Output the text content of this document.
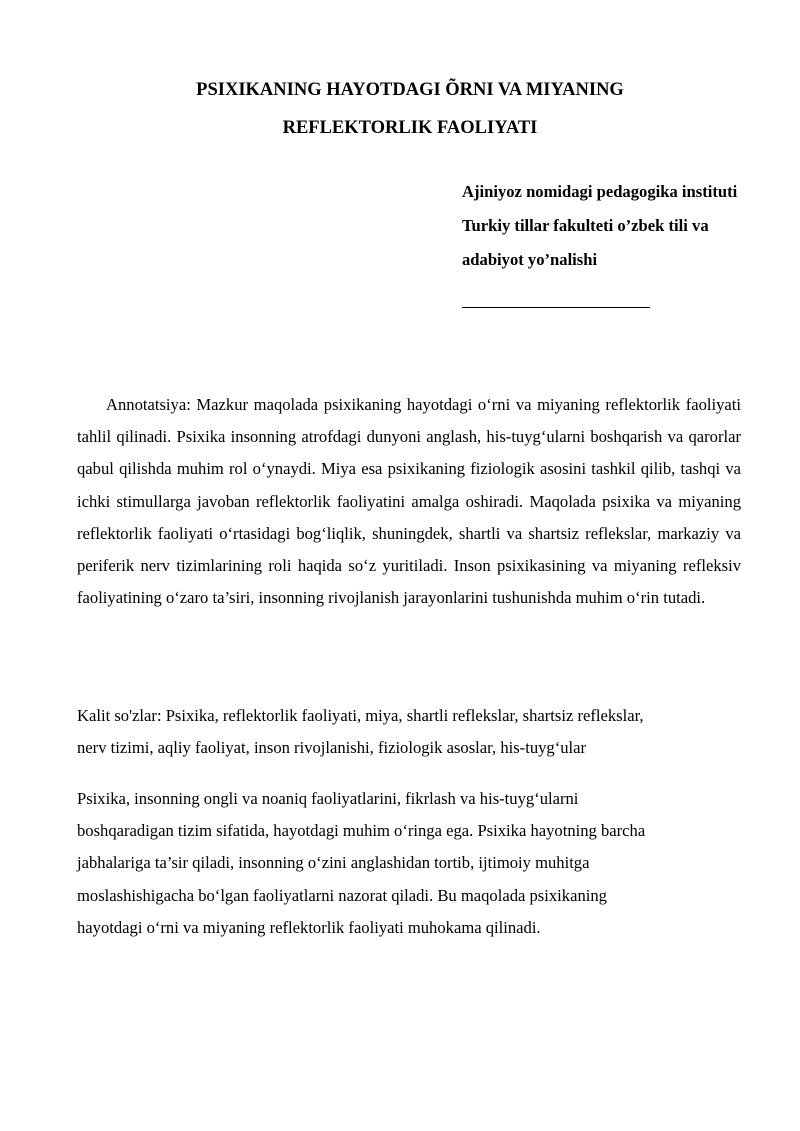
PSIXIKANING HAYOTDAGI ÕRNI VA MIYANING
REFLEKTORLIK FAOLIYATI
Ajiniyoz nomidagi pedagogika instituti
Turkiy tillar fakulteti o’zbek tili va
adabiyot yo’nalishi

Annotatsiya: Mazkur maqolada psixikaning hayotdagi o‘rni va miyaning reflektorlik faoliyati tahlil qilinadi. Psixika insonning atrofdagi dunyoni anglash, his-tuyg‘ularni boshqarish va qarorlar qabul qilishda muhim rol o‘ynaydi. Miya esa psixikaning fiziologik asosini tashkil qilib, tashqi va ichki stimullarga javoban reflektorlik faoliyatini amalga oshiradi. Maqolada psixika va miyaning reflektorlik faoliyati o‘rtasidagi bog‘liqlik, shuningdek, shartli va shartsiz reflekslar, markaziy va periferik nerv tizimlarining roli haqida so‘z yuritiladi. Inson psixikasining va miyaning refleksiv faoliyatining o‘zaro ta’siri, insonning rivojlanish jarayonlarini tushunishda muhim o‘rin tutadi.

Kalit so'zlar: Psixika, reflektorlik faoliyati, miya, shartli reflekslar, shartsiz reflekslar,
nerv tizimi, aqliy faoliyat, inson rivojlanishi, fiziologik asoslar, his-tuyg‘ular

Psixika, insonning ongli va noaniq faoliyatlarini, fikrlash va his-tuyg‘ularni
boshqaradigan tizim sifatida, hayotdagi muhim o‘ringa ega. Psixika hayotning barcha
jabhalariga ta’sir qiladi, insonning o‘zini anglashidan tortib, ijtimoiy muhitga
moslashishigacha bo‘lgan faoliyatlarni nazorat qiladi. Bu maqolada psixikaning
hayotdagi o‘rni va miyaning reflektorlik faoliyati muhokama qilinadi.
